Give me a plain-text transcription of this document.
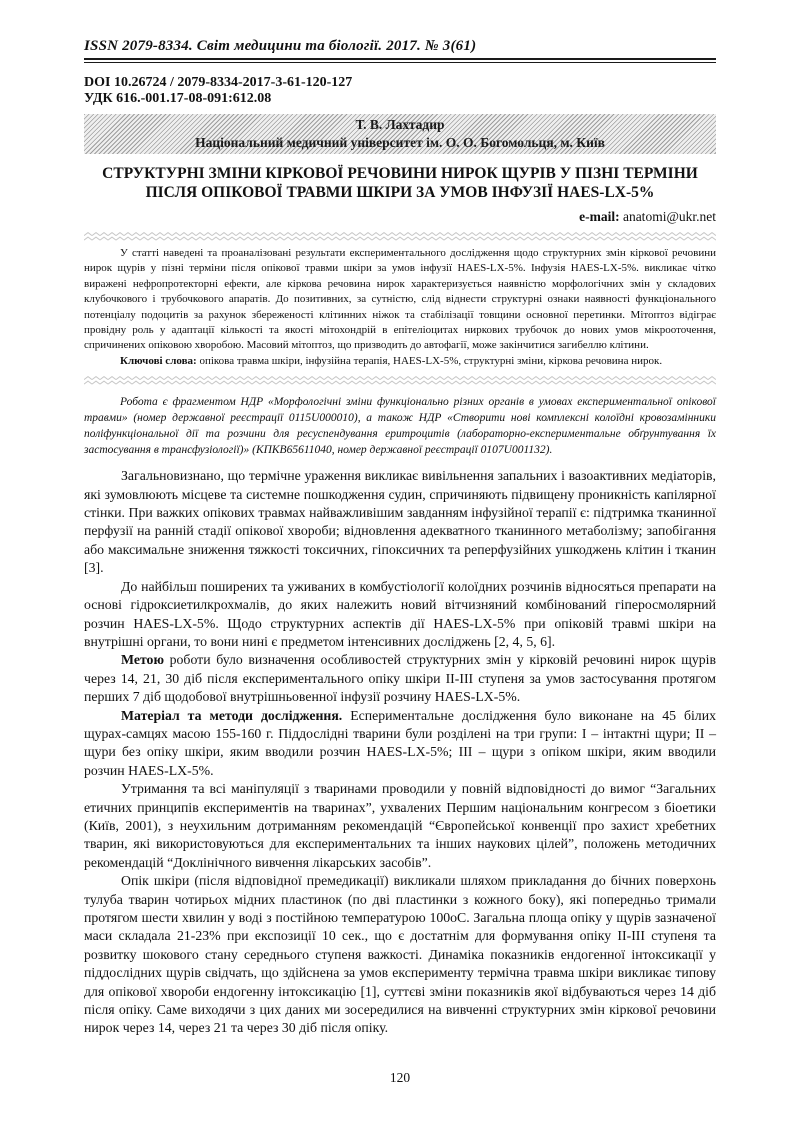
ISSN 2079-8334. Світ медицини та біології. 2017. № 3(61)
DOI 10.26724 / 2079-8334-2017-3-61-120-127
УДК 616.-001.17-08-091:612.08
Т. В. Лахтадир
Національний медичний університет ім. О. О. Богомольця, м. Київ
СТРУКТУРНІ ЗМІНИ КІРКОВОЇ РЕЧОВИНИ НИРОК ЩУРІВ У ПІЗНІ ТЕРМІНИ ПІСЛЯ ОПІКОВОЇ ТРАВМИ ШКІРИ ЗА УМОВ ІНФУЗІЇ HAES-LX-5%
e-mail: anatomi@ukr.net

У статті наведені та проаналізовані результати експериментального дослідження щодо структурних змін кіркової речовини нирок щурів у пізні терміни після опікової травми шкіри за умов інфузії HAES-LX-5%. Інфузія HAES-LX-5%. викликає чітко виражені нефропротекторні ефекти, але кіркова речовина нирок характеризується наявністю морфологічних змін у складових клубочкового і трубочкового апаратів. До позитивних, за сутністю, слід віднести структурні ознаки наявності функціонального потенціалу подоцитів за рахунок збереженості клітинних ніжок та стабілізації товщини основної перетинки. Мітоптоз відіграє провідну роль у адаптації кількості та якості мітохондрій в епітеліоцитах ниркових трубочок до нових умов мікрооточення, спричинених опіковою хворобою. Масовий мітоптоз, що призводить до автофагії, може закінчитися загибеллю клітини.

Ключові слова: опікова травма шкіри, інфузійна терапія, HAES-LX-5%, структурні зміни, кіркова речовина нирок.

Робота є фрагментом НДР «Морфологічні зміни функціонально різних органів в умовах експериментальної опікової травми» (номер державної реєстрації 0115U000010), а також НДР «Створити нові комплексні колоїдні кровозамінники поліфункціональної дії та розчини для ресуспендування еритроцитів (лабораторно-експериментальне обґрунтування їх застосування в трансфузіології)» (КПКВ65611040, номер державної реєстрації 0107U001132).

Загальновизнано, що термічне ураження викликає вивільнення запальних і вазоактивних медіаторів, які зумовлюють місцеве та системне пошкодження судин, спричиняють підвищену проникність капілярної стінки. При важких опікових травмах найважливішим завданням інфузійної терапії є: підтримка тканинної перфузії на ранній стадії опікової хвороби; відновлення адекватного тканинного метаболізму; запобігання або максимальне зниження тяжкості токсичних, гіпоксичних та реперфузійних ушкоджень клітин і тканин [3].

До найбільш поширених та уживаних в комбустіології колоїдних розчинів відносяться препарати на основі гідроксиетилкрохмалів, до яких належить новий вітчизняний комбінований гіперосмолярний розчин HAES-LX-5%. Щодо структурних аспектів дії HAES-LX-5% при опіковій травмі шкіри на внутрішні органи, то вони нині є предметом інтенсивних досліджень [2, 4, 5, 6].

Метою роботи було визначення особливостей структурних змін у кірковій речовині нирок щурів через 14, 21, 30 діб після експериментального опіку шкіри II-III ступеня за умов застосування протягом перших 7 діб щодобової внутрішньовенної інфузії розчину HAES-LX-5%.

Матеріал та методи дослідження. Еспериментальне дослідження було виконане на 45 білих щурах-самцях масою 155-160 г. Піддослідні тварини були розділені на три групи: I – інтактні щури; II – щури без опіку шкіри, яким вводили розчин HAES-LX-5%; III – щури з опіком шкіри, яким вводили розчин HAES-LX-5%.

Утримання та всі маніпуляції з тваринами проводили у повній відповідності до вимог “Загальних етичних принципів експериментів на тваринах”, ухвалених Першим національним конгресом з біоетики (Київ, 2001), з неухильним дотриманням рекомендацій “Європейської конвенції про захист хребетних тварин, які використовуються для експериментальних та інших наукових цілей”, положень методичних рекомендацій “Доклінічного вивчення лікарських засобів”.

Опік шкіри (після відповідної премедикації) викликали шляхом прикладання до бічних поверхонь тулуба тварин чотирьох мідних пластинок (по дві пластинки з кожного боку), які попередньо тримали протягом шести хвилин у воді з постійною температурою 100оС. Загальна площа опіку у щурів зазначеної маси складала 21-23% при експозиції 10 сек., що є достатнім для формування опіку II-III ступеня та розвитку шокового стану середнього ступеня важкості. Динаміка показників ендогенної інтоксикації у піддослідних щурів свідчать, що здійснена за умов експерименту термічна травма шкіри викликає типову для опікової хвороби ендогенну інтоксикацію [1], суттєві зміни показників якої відбуваються через 14 діб після опіку. Саме виходячи з цих даних ми зосередилися на вивченні структурних змін кіркової речовини нирок через 14, через 21 та через 30 діб після опіку.

120
